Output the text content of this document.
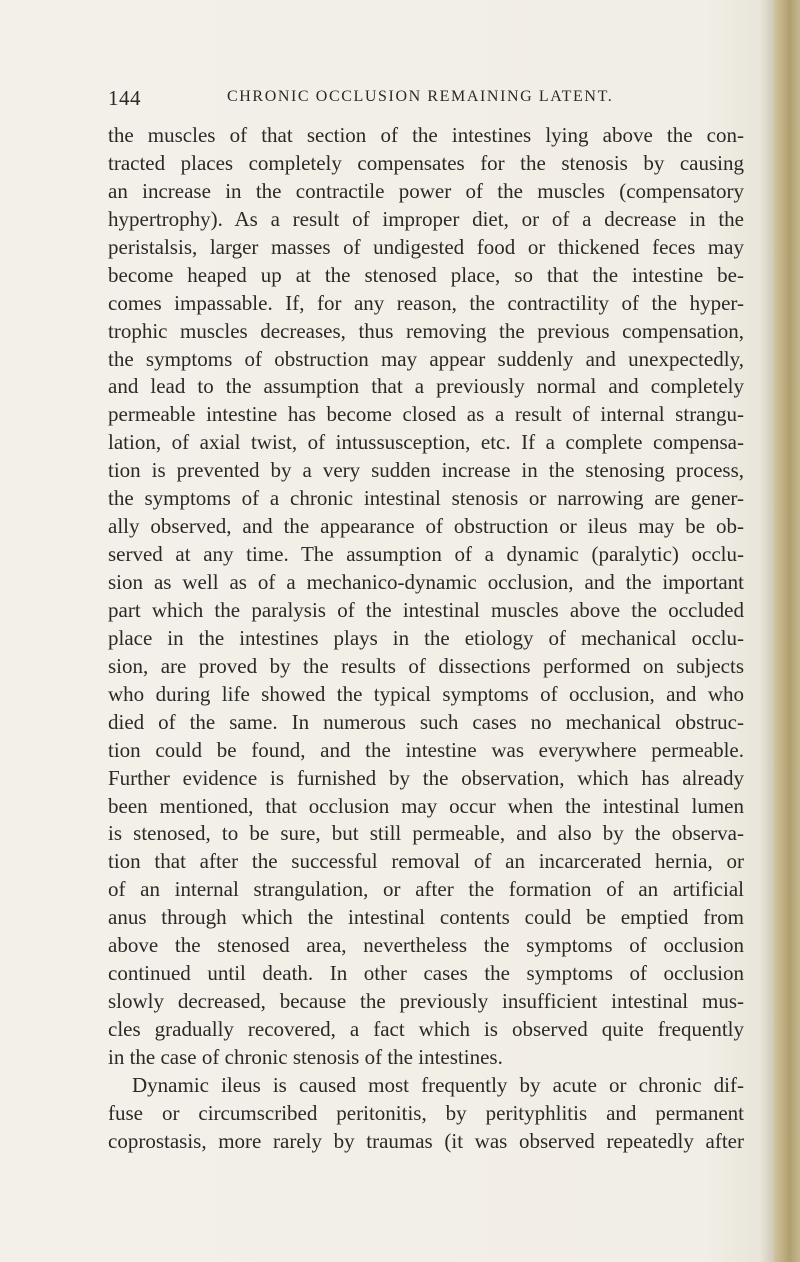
144	CHRONIC OCCLUSION REMAINING LATENT.
the muscles of that section of the intestines lying above the con-
tracted places completely compensates for the stenosis by causing
an increase in the contractile power of the muscles (compensatory
hypertrophy). As a result of improper diet, or of a decrease in the
peristalsis, larger masses of undigested food or thickened feces may
become heaped up at the stenosed place, so that the intestine be-
comes impassable. If, for any reason, the contractility of the hyper-
trophic muscles decreases, thus removing the previous compensation,
the symptoms of obstruction may appear suddenly and unexpectedly,
and lead to the assumption that a previously normal and completely
permeable intestine has become closed as a result of internal strangu-
lation, of axial twist, of intussusception, etc. If a complete compensa-
tion is prevented by a very sudden increase in the stenosing process,
the symptoms of a chronic intestinal stenosis or narrowing are gener-
ally observed, and the appearance of obstruction or ileus may be ob-
served at any time. The assumption of a dynamic (paralytic) occlu-
sion as well as of a mechanico-dynamic occlusion, and the important
part which the paralysis of the intestinal muscles above the occluded
place in the intestines plays in the etiology of mechanical occlu-
sion, are proved by the results of dissections performed on subjects
who during life showed the typical symptoms of occlusion, and who
died of the same. In numerous such cases no mechanical obstruc-
tion could be found, and the intestine was everywhere permeable.
Further evidence is furnished by the observation, which has already
been mentioned, that occlusion may occur when the intestinal lumen
is stenosed, to be sure, but still permeable, and also by the observa-
tion that after the successful removal of an incarcerated hernia, or
of an internal strangulation, or after the formation of an artificial
anus through which the intestinal contents could be emptied from
above the stenosed area, nevertheless the symptoms of occlusion
continued until death. In other cases the symptoms of occlusion
slowly decreased, because the previously insufficient intestinal mus-
cles gradually recovered, a fact which is observed quite frequently
in the case of chronic stenosis of the intestines.
Dynamic ileus is caused most frequently by acute or chronic dif-
fuse or circumscribed peritonitis, by perityphlitis and permanent
coprostasis, more rarely by traumas (it was observed repeatedly after
